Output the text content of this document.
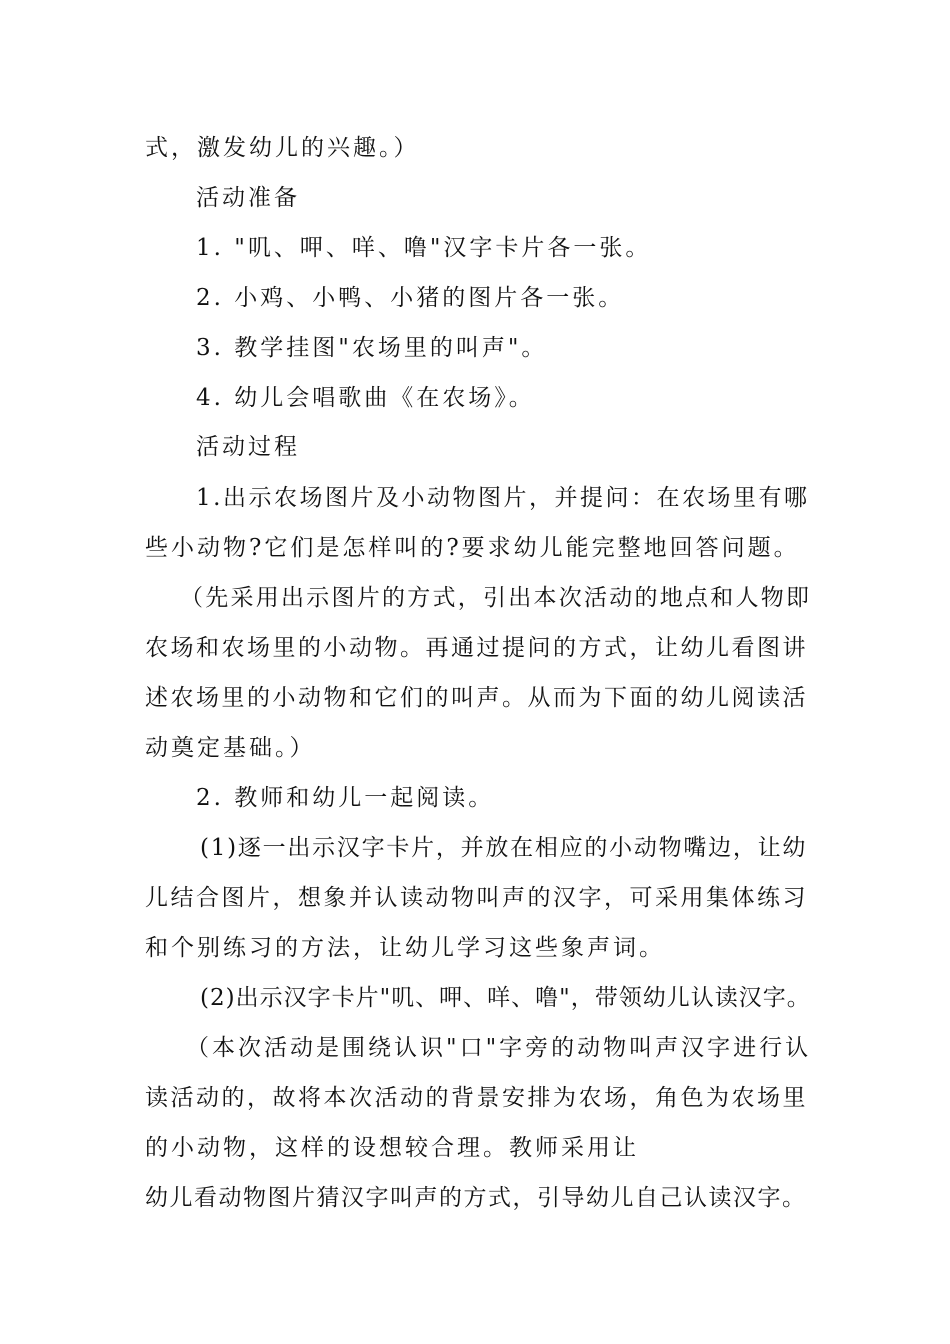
式，激发幼儿的兴趣。）
活动准备
1. "叽、呷、咩、噜"汉字卡片各一张。
2. 小鸡、小鸭、小猪的图片各一张。
3. 教学挂图"农场里的叫声"。
4. 幼儿会唱歌曲《在农场》。
活动过程
1.出示农场图片及小动物图片，并提问：在农场里有哪
些小动物?它们是怎样叫的?要求幼儿能完整地回答问题。
（先采用出示图片的方式，引出本次活动的地点和人物即
农场和农场里的小动物。再通过提问的方式，让幼儿看图讲
述农场里的小动物和它们的叫声。从而为下面的幼儿阅读活
动奠定基础。）
2. 教师和幼儿一起阅读。
(1)逐一出示汉字卡片，并放在相应的小动物嘴边，让幼
儿结合图片，想象并认读动物叫声的汉字，可采用集体练习
和个别练习的方法，让幼儿学习这些象声词。
(2)出示汉字卡片"叽、呷、咩、噜"，带领幼儿认读汉字。
（本次活动是围绕认识"口"字旁的动物叫声汉字进行认
读活动的，故将本次活动的背景安排为农场，角色为农场里
的小动物，这样的设想较合理。教师采用让
幼儿看动物图片猜汉字叫声的方式，引导幼儿自己认读汉字。
